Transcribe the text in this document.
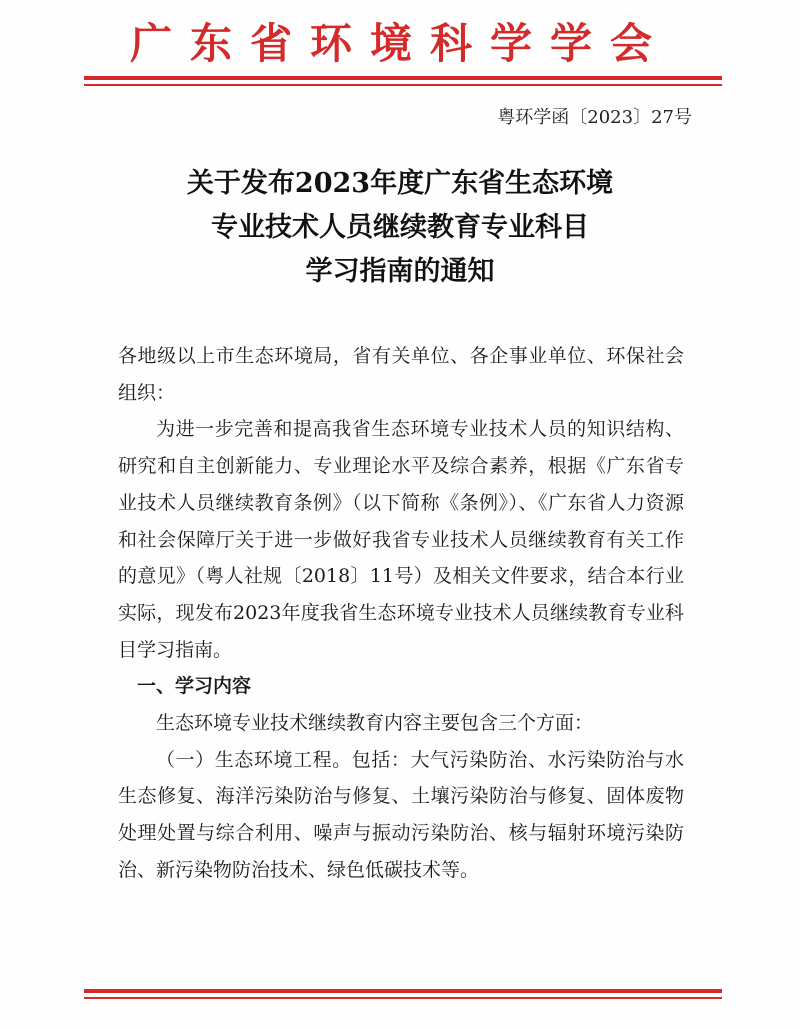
广东省环境科学学会
粤环学函〔2023〕27号
关于发布2023年度广东省生态环境
专业技术人员继续教育专业科目
学习指南的通知

各地级以上市生态环境局，省有关单位、各企事业单位、环保社会组织：

为进一步完善和提高我省生态环境专业技术人员的知识结构、研究和自主创新能力、专业理论水平及综合素养，根据《广东省专业技术人员继续教育条例》（以下简称《条例》）、《广东省人力资源和社会保障厅关于进一步做好我省专业技术人员继续教育有关工作的意见》（粤人社规〔2018〕11号）及相关文件要求，结合本行业实际，现发布2023年度我省生态环境专业技术人员继续教育专业科目学习指南。

一、学习内容

生态环境专业技术继续教育内容主要包含三个方面：

（一）生态环境工程。包括：大气污染防治、水污染防治与水生态修复、海洋污染防治与修复、土壤污染防治与修复、固体废物处理处置与综合利用、噪声与振动污染防治、核与辐射环境污染防治、新污染物防治技术、绿色低碳技术等。
